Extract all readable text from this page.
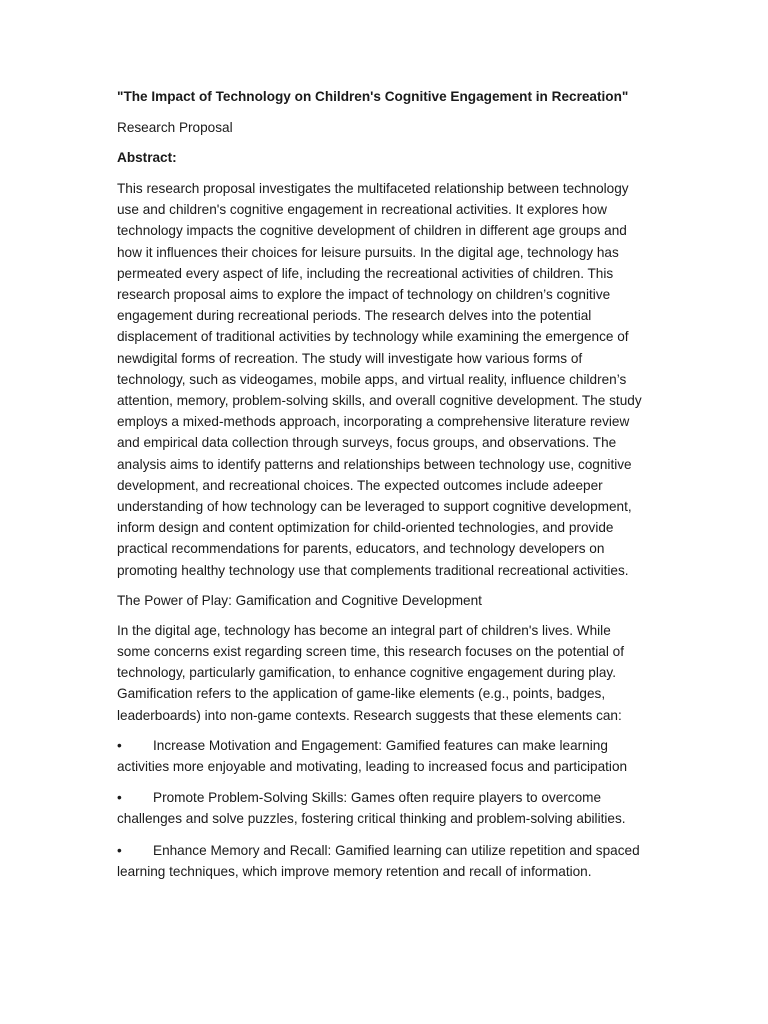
"The Impact of Technology on Children's Cognitive Engagement in Recreation"

Research Proposal

Abstract:

This research proposal investigates the multifaceted relationship between technology use and children's cognitive engagement in recreational activities. It explores how technology impacts the cognitive development of children in different age groups and how it influences their choices for leisure pursuits. In the digital age, technology has permeated every aspect of life, including the recreational activities of children. This research proposal aims to explore the impact of technology on children’s cognitive engagement during recreational periods. The research delves into the potential displacement of traditional activities by technology while examining the emergence of newdigital forms of recreation. The study will investigate how various forms of technology, such as videogames, mobile apps, and virtual reality, influence children’s attention, memory, problem-solving skills, and overall cognitive development. The study employs a mixed-methods approach, incorporating a comprehensive literature review and empirical data collection through surveys, focus groups, and observations. The analysis aims to identify patterns and relationships between technology use, cognitive development, and recreational choices. The expected outcomes include adeeper understanding of how technology can be leveraged to support cognitive development, inform design and content optimization for child-oriented technologies, and provide practical recommendations for parents, educators, and technology developers on promoting healthy technology use that complements traditional recreational activities.

The Power of Play: Gamification and Cognitive Development

In the digital age, technology has become an integral part of children's lives. While some concerns exist regarding screen time, this research focuses on the potential of technology, particularly gamification, to enhance cognitive engagement during play. Gamification refers to the application of game-like elements (e.g., points, badges, leaderboards) into non-game contexts. Research suggests that these elements can:

• Increase Motivation and Engagement: Gamified features can make learning activities more enjoyable and motivating, leading to increased focus and participation

• Promote Problem-Solving Skills: Games often require players to overcome challenges and solve puzzles, fostering critical thinking and problem-solving abilities.

• Enhance Memory and Recall: Gamified learning can utilize repetition and spaced learning techniques, which improve memory retention and recall of information.
